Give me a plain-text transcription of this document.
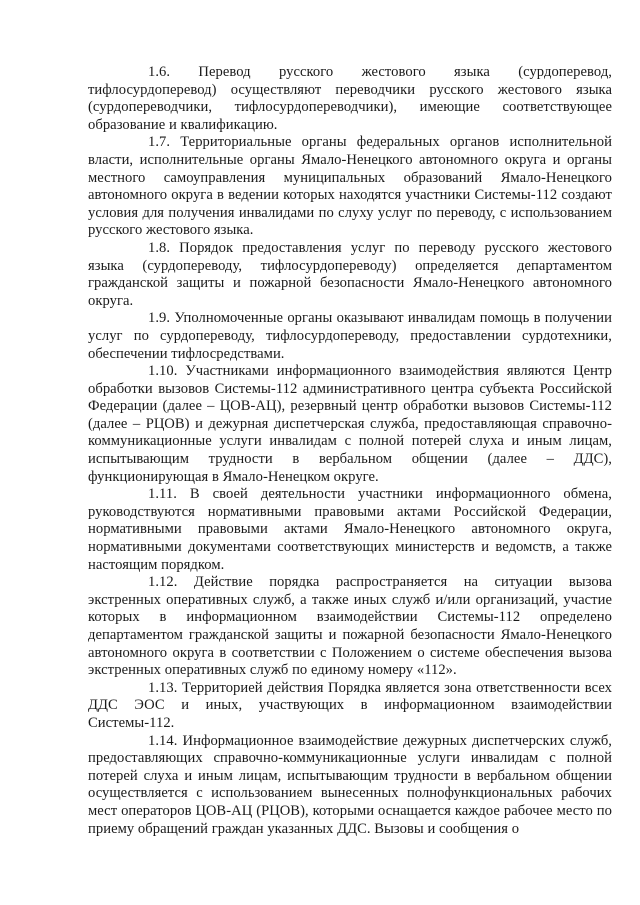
1.6. Перевод русского жестового языка (сурдоперевод, тифлосурдоперевод) осуществляют переводчики русского жестового языка (сурдопереводчики, тифлосурдопереводчики), имеющие соответствующее образование и квалификацию.

1.7. Территориальные органы федеральных органов исполнительной власти, исполнительные органы Ямало-Ненецкого автономного округа и органы местного самоуправления муниципальных образований Ямало-Ненецкого автономного округа в ведении которых находятся участники Системы-112 создают условия для получения инвалидами по слуху услуг по переводу, с использованием русского жестового языка.

1.8. Порядок предоставления услуг по переводу русского жестового языка (сурдопереводу, тифлосурдопереводу) определяется департаментом гражданской защиты и пожарной безопасности Ямало-Ненецкого автономного округа.

1.9. Уполномоченные органы оказывают инвалидам помощь в получении услуг по сурдопереводу, тифлосурдопереводу, предоставлении сурдотехники, обеспечении тифлосредствами.

1.10. Участниками информационного взаимодействия являются Центр обработки вызовов Системы-112 административного центра субъекта Российской Федерации (далее – ЦОВ-АЦ), резервный центр обработки вызовов Системы-112 (далее – РЦОВ) и дежурная диспетчерская служба, предоставляющая справочно-коммуникационные услуги инвалидам с полной потерей слуха и иным лицам, испытывающим трудности в вербальном общении (далее – ДДС), функционирующая в Ямало-Ненецком округе.

1.11. В своей деятельности участники информационного обмена, руководствуются нормативными правовыми актами Российской Федерации, нормативными правовыми актами Ямало-Ненецкого автономного округа, нормативными документами соответствующих министерств и ведомств, а также настоящим порядком.

1.12. Действие порядка распространяется на ситуации вызова экстренных оперативных служб, а также иных служб и/или организаций, участие которых в информационном взаимодействии Системы-112 определено департаментом гражданской защиты и пожарной безопасности Ямало-Ненецкого автономного округа в соответствии с Положением о системе обеспечения вызова экстренных оперативных служб по единому номеру «112».

1.13. Территорией действия Порядка является зона ответственности всех ДДС ЭОС и иных, участвующих в информационном взаимодействии Системы-112.

1.14. Информационное взаимодействие дежурных диспетчерских служб, предоставляющих справочно-коммуникационные услуги инвалидам с полной потерей слуха и иным лицам, испытывающим трудности в вербальном общении осуществляется с использованием вынесенных полнофункциональных рабочих мест операторов ЦОВ-АЦ (РЦОВ), которыми оснащается каждое рабочее место по приему обращений граждан указанных ДДС. Вызовы и сообщения о
